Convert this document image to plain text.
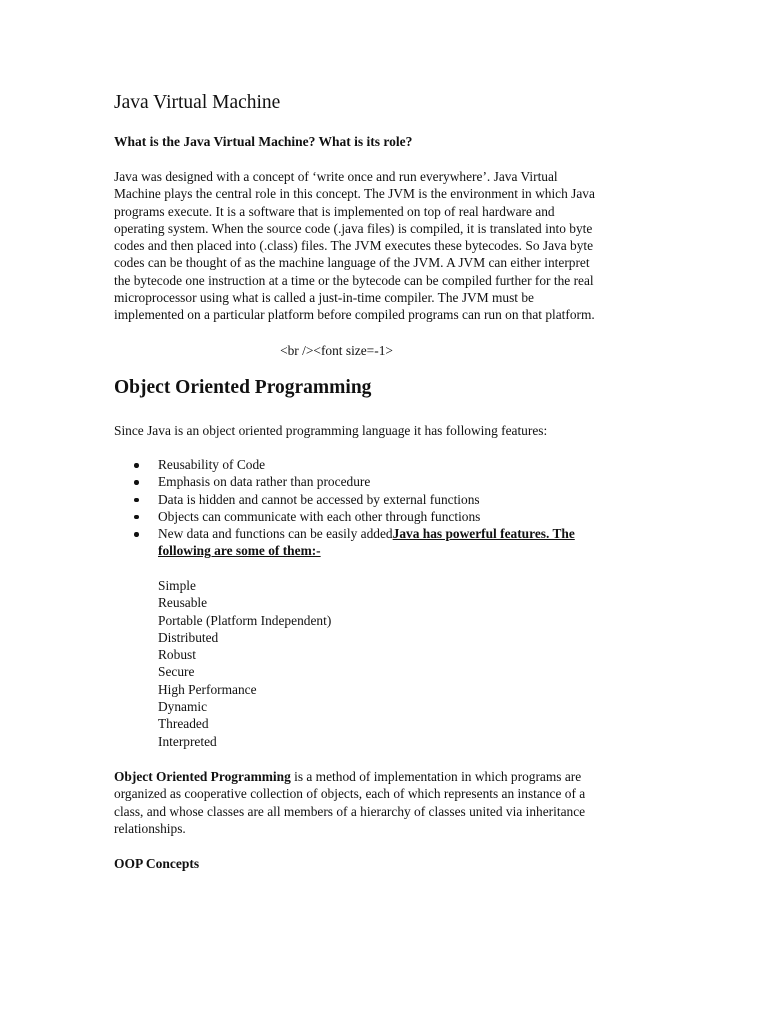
Java Virtual Machine

What is the Java Virtual Machine? What is its role?

Java was designed with a concept of ‘write once and run everywhere’. Java Virtual
Machine plays the central role in this concept. The JVM is the environment in which Java
programs execute. It is a software that is implemented on top of real hardware and
operating system. When the source code (.java files) is compiled, it is translated into byte
codes and then placed into (.class) files. The JVM executes these bytecodes. So Java byte
codes can be thought of as the machine language of the JVM. A JVM can either interpret
the bytecode one instruction at a time or the bytecode can be compiled further for the real
microprocessor using what is called a just-in-time compiler. The JVM must be
implemented on a particular platform before compiled programs can run on that platform.

<br /><font size=-1>

Object Oriented Programming

Since Java is an object oriented programming language it has following features:

Reusability of Code
Emphasis on data rather than procedure
Data is hidden and cannot be accessed by external functions
Objects can communicate with each other through functions
New data and functions can be easily addedJava has powerful features. The
following are some of them:-
Simple
Reusable
Portable (Platform Independent)
Distributed
Robust
Secure
High Performance
Dynamic
Threaded
Interpreted
Object Oriented Programming is a method of implementation in which programs are
organized as cooperative collection of objects, each of which represents an instance of a
class, and whose classes are all members of a hierarchy of classes united via inheritance
relationships.

OOP Concepts
